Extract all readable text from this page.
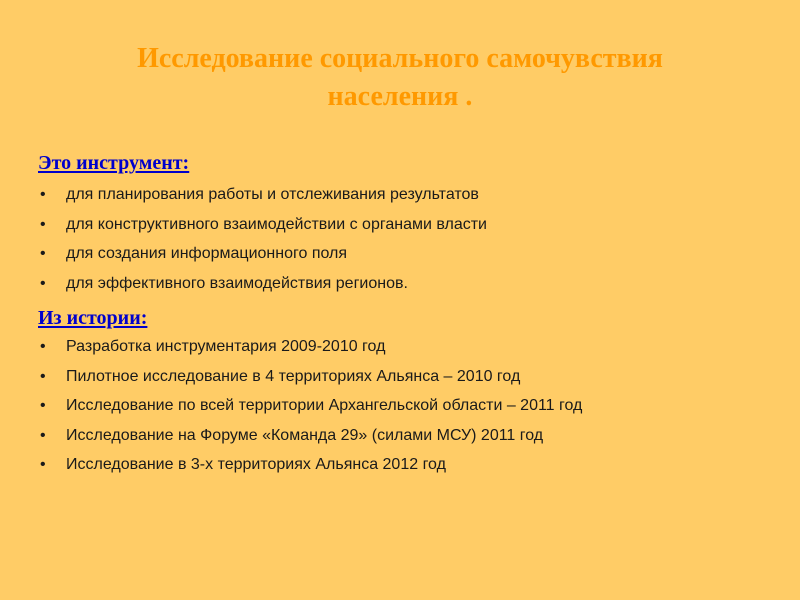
Исследование социального самочувствия
населения .
Это инструмент:
• для планирования работы и отслеживания результатов
• для конструктивного взаимодействии с органами власти
• для создания информационного поля
• для эффективного взаимодействия регионов.
Из истории:
• Разработка инструментария 2009-2010 год
• Пилотное исследование в 4 территориях Альянса – 2010 год
• Исследование по всей территории Архангельской области – 2011 год
• Исследование на Форуме «Команда 29» (силами МСУ) 2011 год
• Исследование в 3-х территориях Альянса 2012 год
